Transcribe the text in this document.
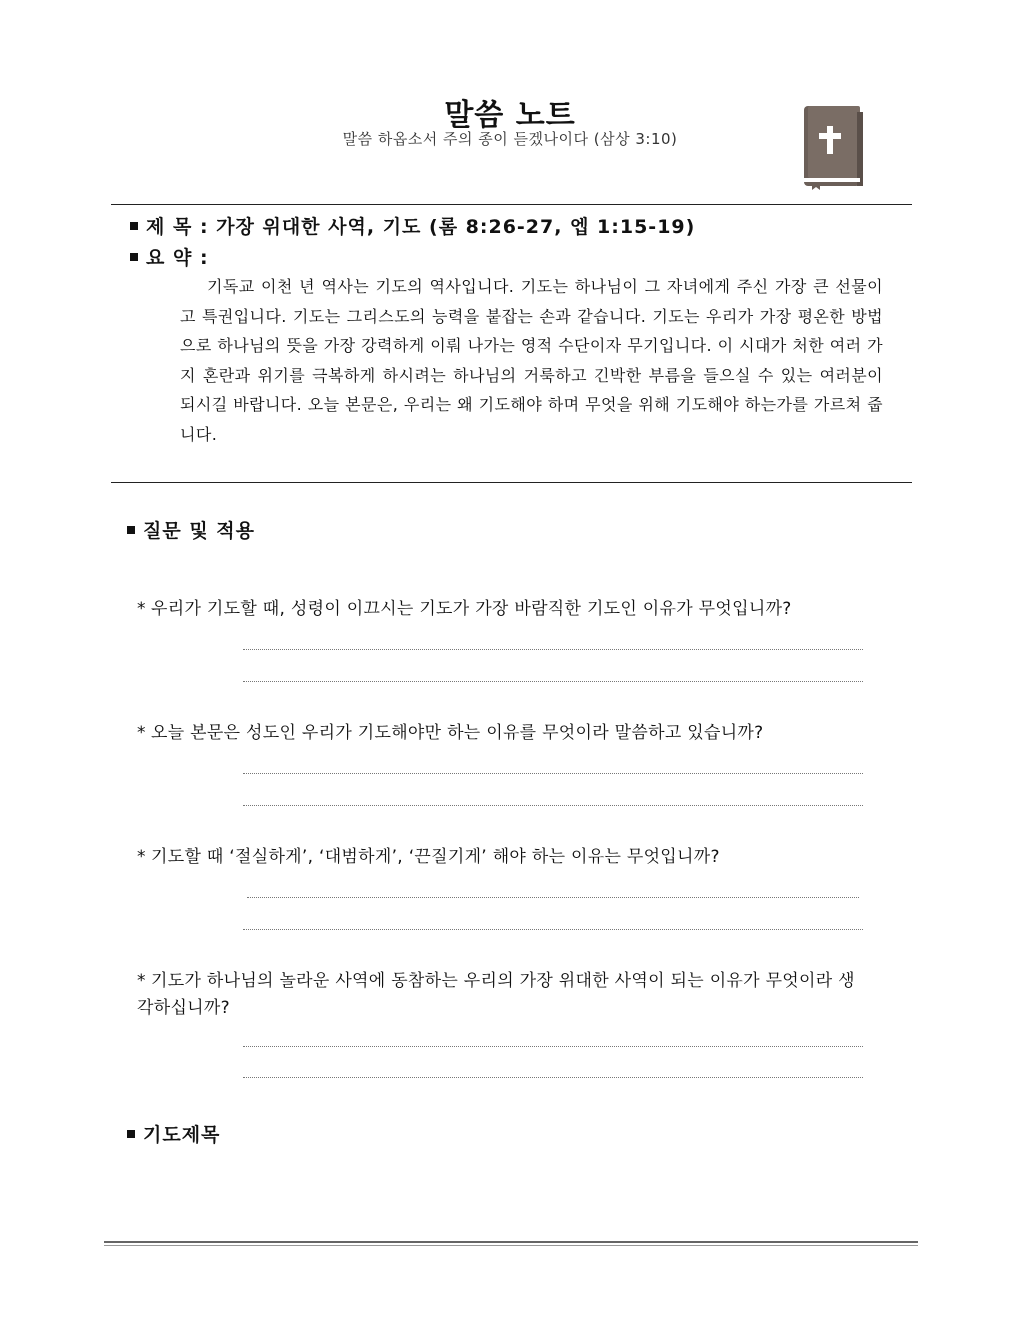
말씀 노트
말씀 하옵소서 주의 종이 듣겠나이다 (삼상 3:10)
제 목 : 가장 위대한 사역, 기도 (롬 8:26-27, 엡 1:15-19)
요 약 :

기독교 이천 년 역사는 기도의 역사입니다. 기도는 하나님이 그 자녀에게 주신 가장 큰 선물이고 특권입니다. 기도는 그리스도의 능력을 붙잡는 손과 같습니다. 기도는 우리가 가장 평온한 방법으로 하나님의 뜻을 가장 강력하게 이뤄 나가는 영적 수단이자 무기입니다. 이 시대가 처한 여러 가지 혼란과 위기를 극복하게 하시려는 하나님의 거룩하고 긴박한 부름을 들으실 수 있는 여러분이 되시길 바랍니다. 오늘 본문은, 우리는 왜 기도해야 하며 무엇을 위해 기도해야 하는가를 가르쳐 줍니다.

질문 및 적용
* 우리가 기도할 때, 성령이 이끄시는 기도가 가장 바람직한 기도인 이유가 무엇입니까?
* 오늘 본문은 성도인 우리가 기도해야만 하는 이유를 무엇이라 말씀하고 있습니까?
* 기도할 때 ‘절실하게’, ‘대범하게’, ‘끈질기게’ 해야 하는 이유는 무엇입니까?
* 기도가 하나님의 놀라운 사역에 동참하는 우리의 가장 위대한 사역이 되는 이유가 무엇이라 생각하십니까?
기도제목
